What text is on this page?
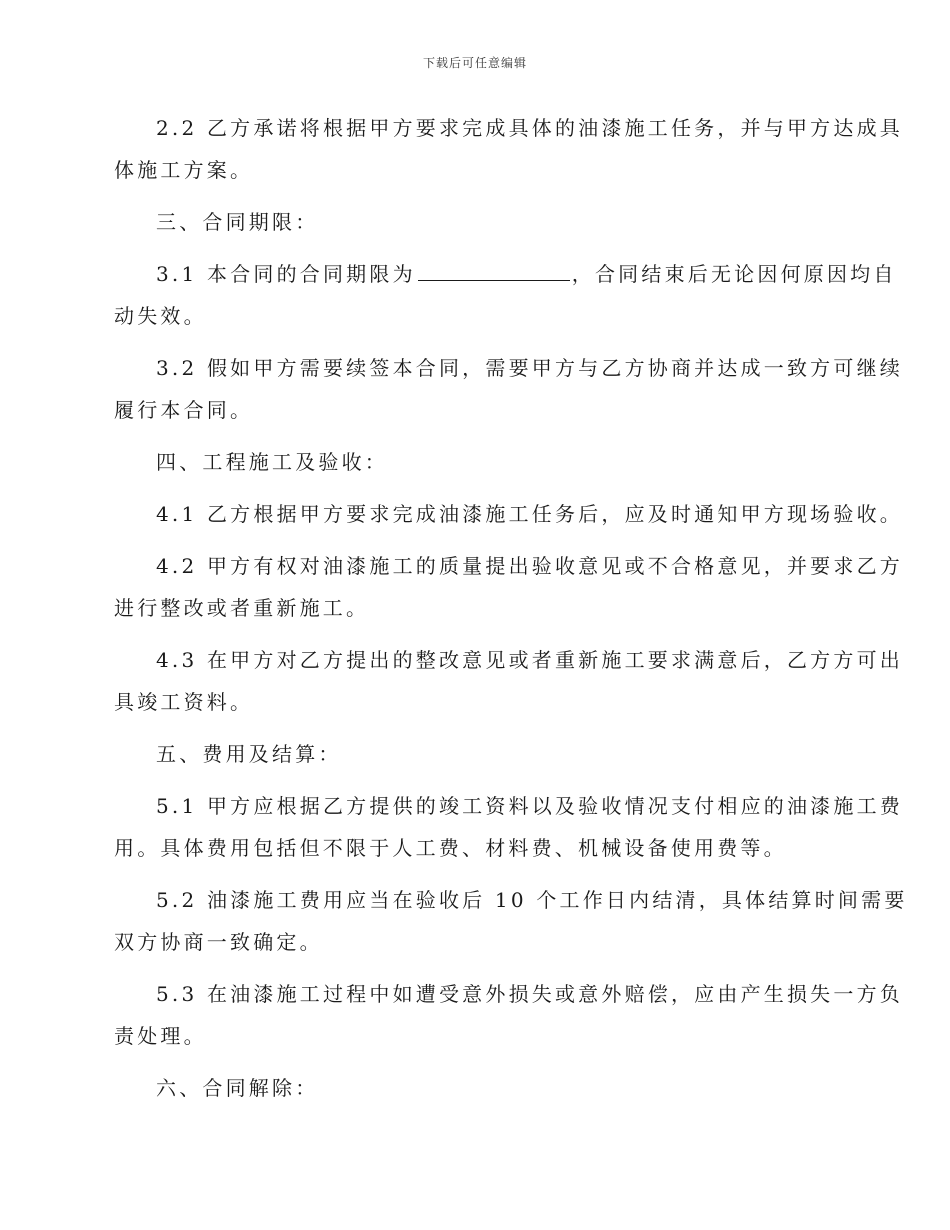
下载后可任意编辑
2.2 乙方承诺将根据甲方要求完成具体的油漆施工任务，并与甲方达成具
体施工方案。
三、合同期限：
3.1 本合同的合同期限为	，合同结束后无论因何原因均自
动失效。
3.2 假如甲方需要续签本合同，需要甲方与乙方协商并达成一致方可继续
履行本合同。
四、工程施工及验收：
4.1 乙方根据甲方要求完成油漆施工任务后，应及时通知甲方现场验收。
4.2 甲方有权对油漆施工的质量提出验收意见或不合格意见，并要求乙方
进行整改或者重新施工。
4.3 在甲方对乙方提出的整改意见或者重新施工要求满意后，乙方方可出
具竣工资料。
五、费用及结算：
5.1 甲方应根据乙方提供的竣工资料以及验收情况支付相应的油漆施工费
用。具体费用包括但不限于人工费、材料费、机械设备使用费等。
5.2 油漆施工费用应当在验收后 10 个工作日内结清，具体结算时间需要
双方协商一致确定。
5.3 在油漆施工过程中如遭受意外损失或意外赔偿，应由产生损失一方负
责处理。
六、合同解除：
